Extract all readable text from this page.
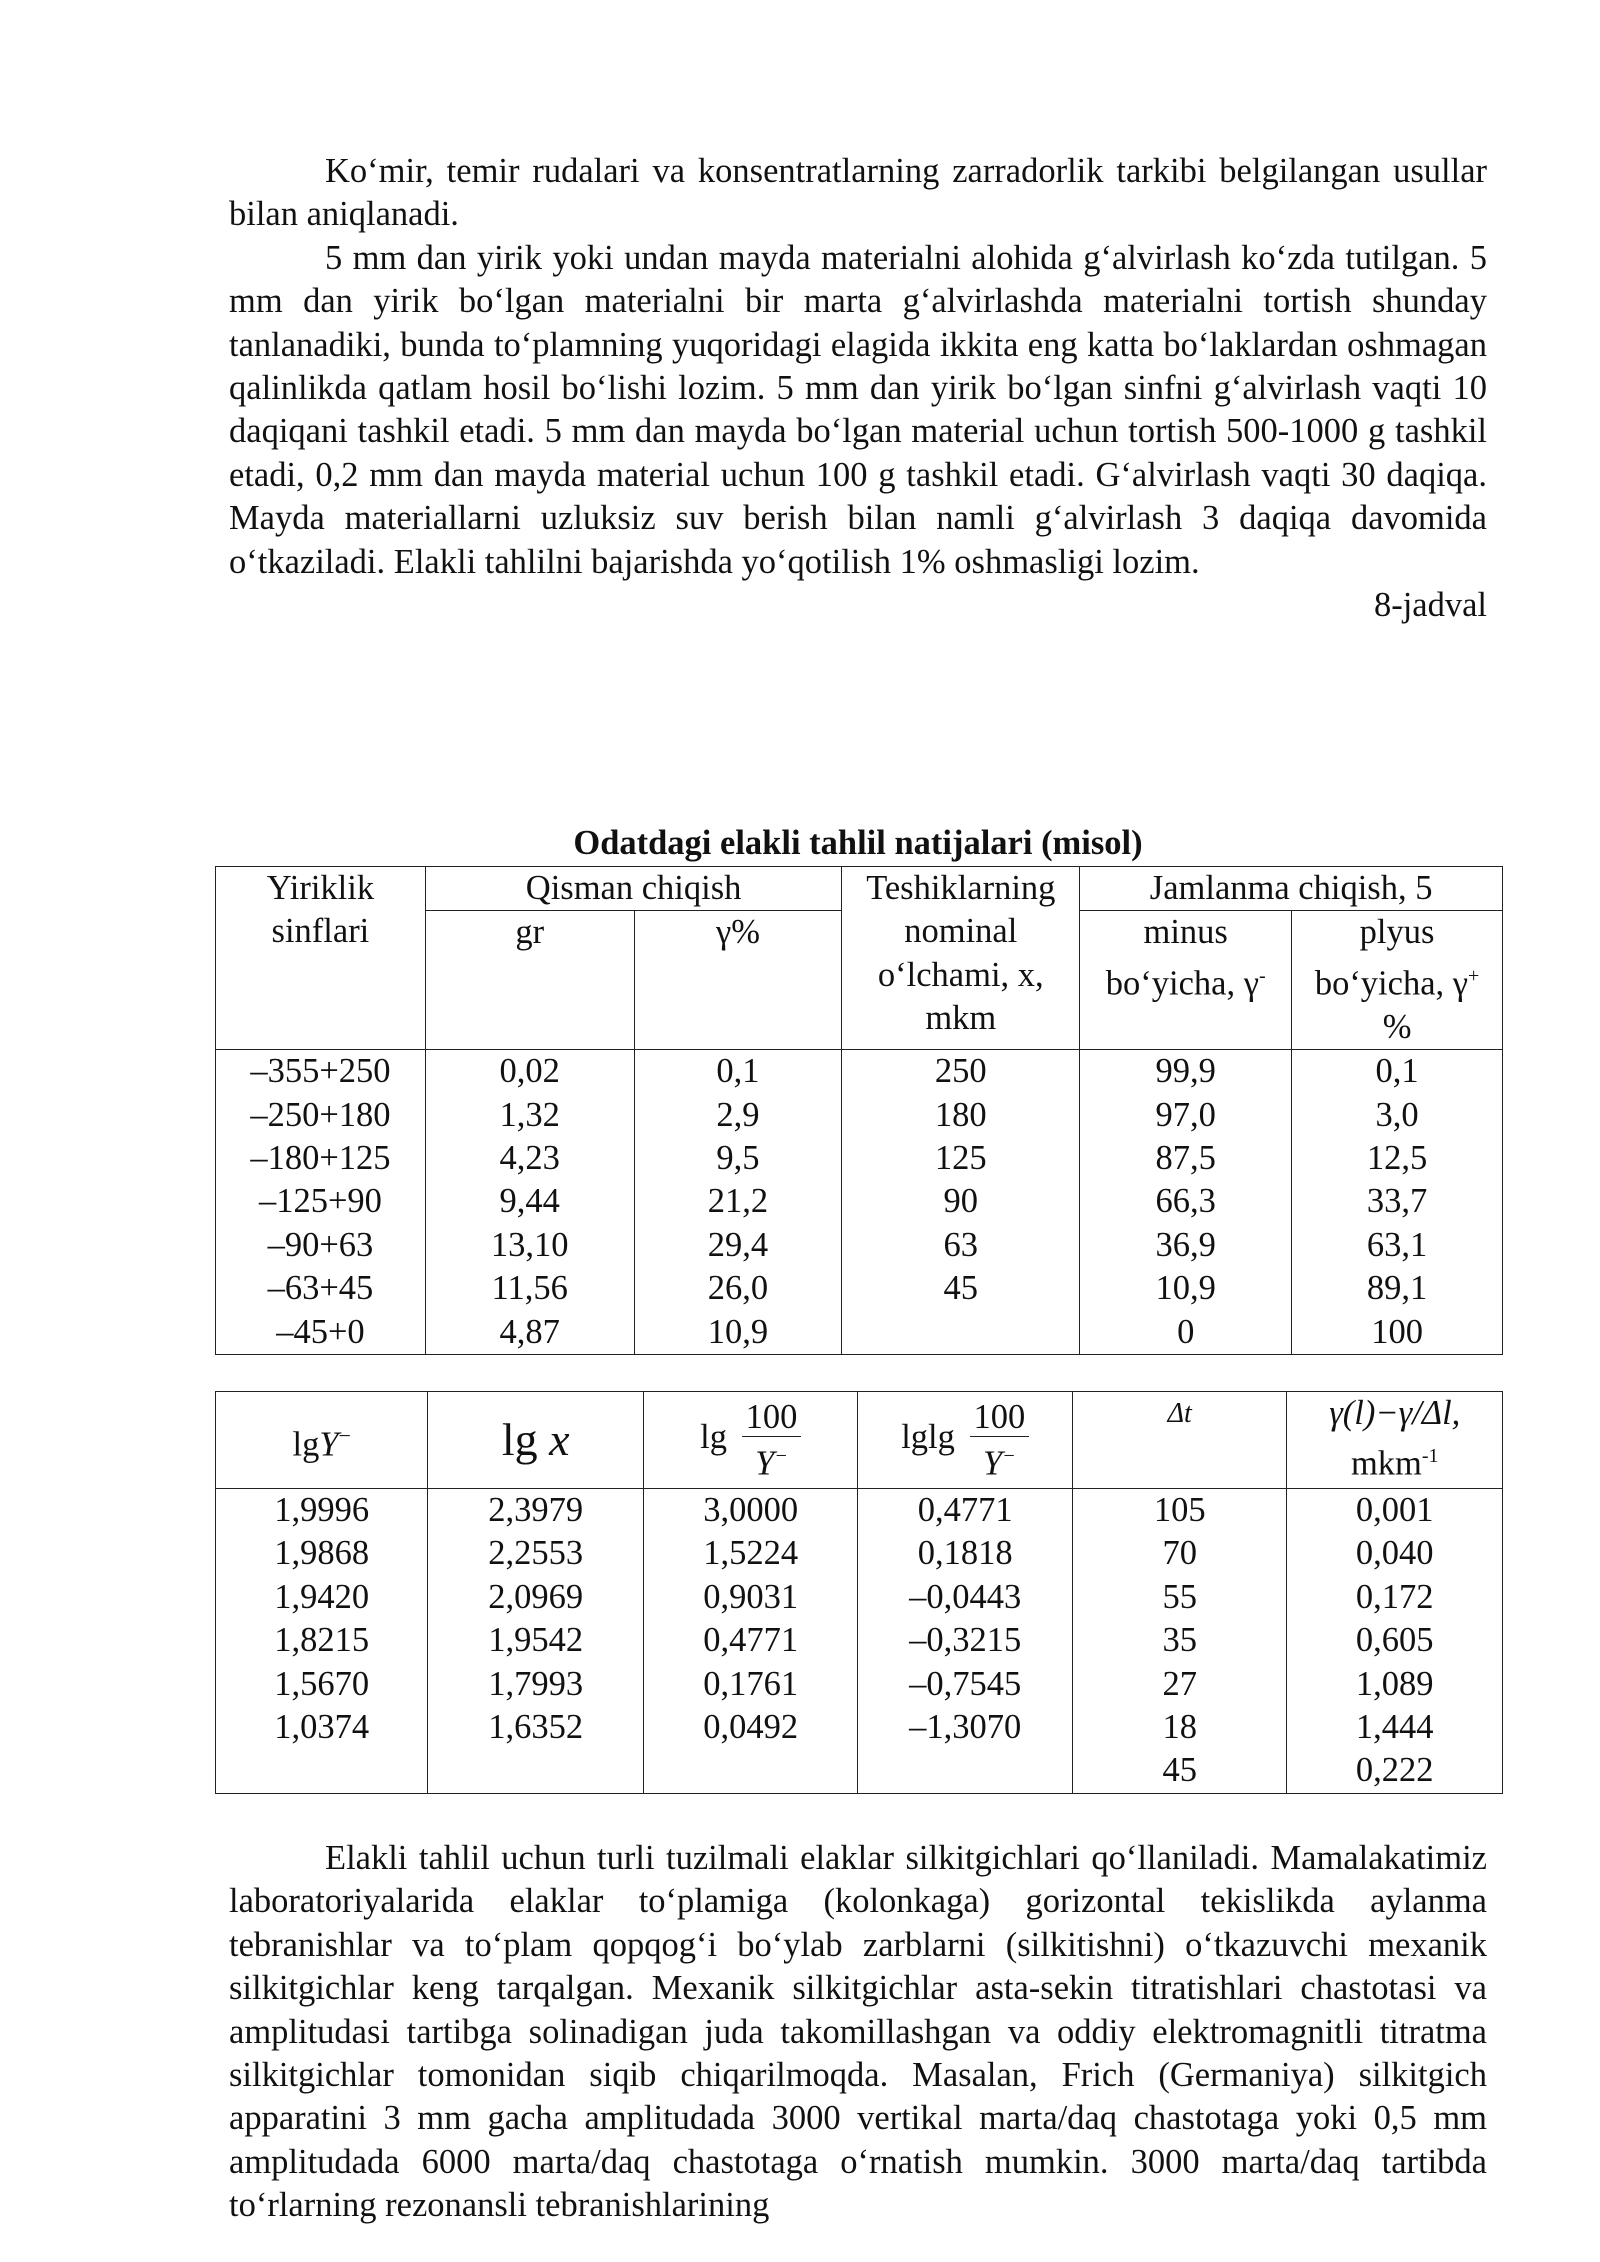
Ko‘mir, temir rudalari va konsentratlarning zarradorlik tarkibi belgilangan usullar bilan aniqlanadi.

5 mm dan yirik yoki undan mayda materialni alohida g‘alvirlash ko‘zda tutilgan. 5 mm dan yirik bo‘lgan materialni bir marta g‘alvirlashda materialni tortish shunday tanlanadiki, bunda to‘plamning yuqoridagi elagida ikkita eng katta bo‘laklardan oshmagan qalinlikda qatlam hosil bo‘lishi lozim. 5 mm dan yirik bo‘lgan sinfni g‘alvirlash vaqti 10 daqiqani tashkil etadi. 5 mm dan mayda bo‘lgan material uchun tortish 500-1000 g tashkil etadi, 0,2 mm dan mayda material uchun 100 g tashkil etadi. G‘alvirlash vaqti 30 daqiqa. Mayda materiallarni uzluksiz suv berish bilan namli g‘alvirlash 3 daqiqa davomida o‘tkaziladi. Elakli tahlilni bajarishda yo‘qotilish 1% oshmasligi lozim.

8-jadval

Odatdagi elakli tahlil natijalari (misol)
Yiriklik sinflari	Qisman chiqish		Teshiklarning nominal o‘lchami, x, mkm	Jamlanma chiqish, 5	
	gr	γ%		minus bo‘yicha, γ-	plyus bo‘yicha, γ+
%
–355+250	0,02	0,1	250	99,9	0,1
–250+180	1,32	2,9	180	97,0	3,0
–180+125	4,23	9,5	125	87,5	12,5
–125+90	9,44	21,2	90	66,3	33,7
–90+63	13,10	29,4	63	36,9	63,1
–63+45	11,56	26,0	45	10,9	89,1
–45+0	4,87	10,9		0	100
lgY−	lg x	$\lg \frac{100}{Y^-}$	lglg $\frac{100}{Y^-}$	Δt	γ(l)−γ/Δl,
mkm$^{-1}$
1,9996	2,3979	3,0000	0,4771	105	0,001
1,9868	2,2553	1,5224	0,1818	70	0,040
1,9420	2,0969	0,9031	–0,0443	55	0,172
1,8215	1,9542	0,4771	–0,3215	35	0,605
1,5670	1,7993	0,1761	–0,7545	27	1,089
1,0374	1,6352	0,0492	–1,3070	18	1,444
				45	0,222

Elakli tahlil uchun turli tuzilmali elaklar silkitgichlari qo‘llaniladi. Mamalakatimiz laboratoriyalarida elaklar to‘plamiga (kolonkaga) gorizontal tekislikda aylanma tebranishlar va to‘plam qopqog‘i bo‘ylab zarblarni (silkitishni) o‘tkazuvchi mexanik silkitgichlar keng tarqalgan. Mexanik silkitgichlar asta-sekin titratishlari chastotasi va amplitudasi tartibga solinadigan juda takomillashgan va oddiy elektromagnitli titratma silkitgichlar tomonidan siqib chiqarilmoqda. Masalan, Frich (Germaniya) silkitgich apparatini 3 mm gacha amplitudada 3000 vertikal marta/daq chastotaga yoki 0,5 mm amplitudada 6000 marta/daq chastotaga o‘rnatish mumkin. 3000 marta/daq tartibda to‘rlarning rezonansli tebranishlarining
